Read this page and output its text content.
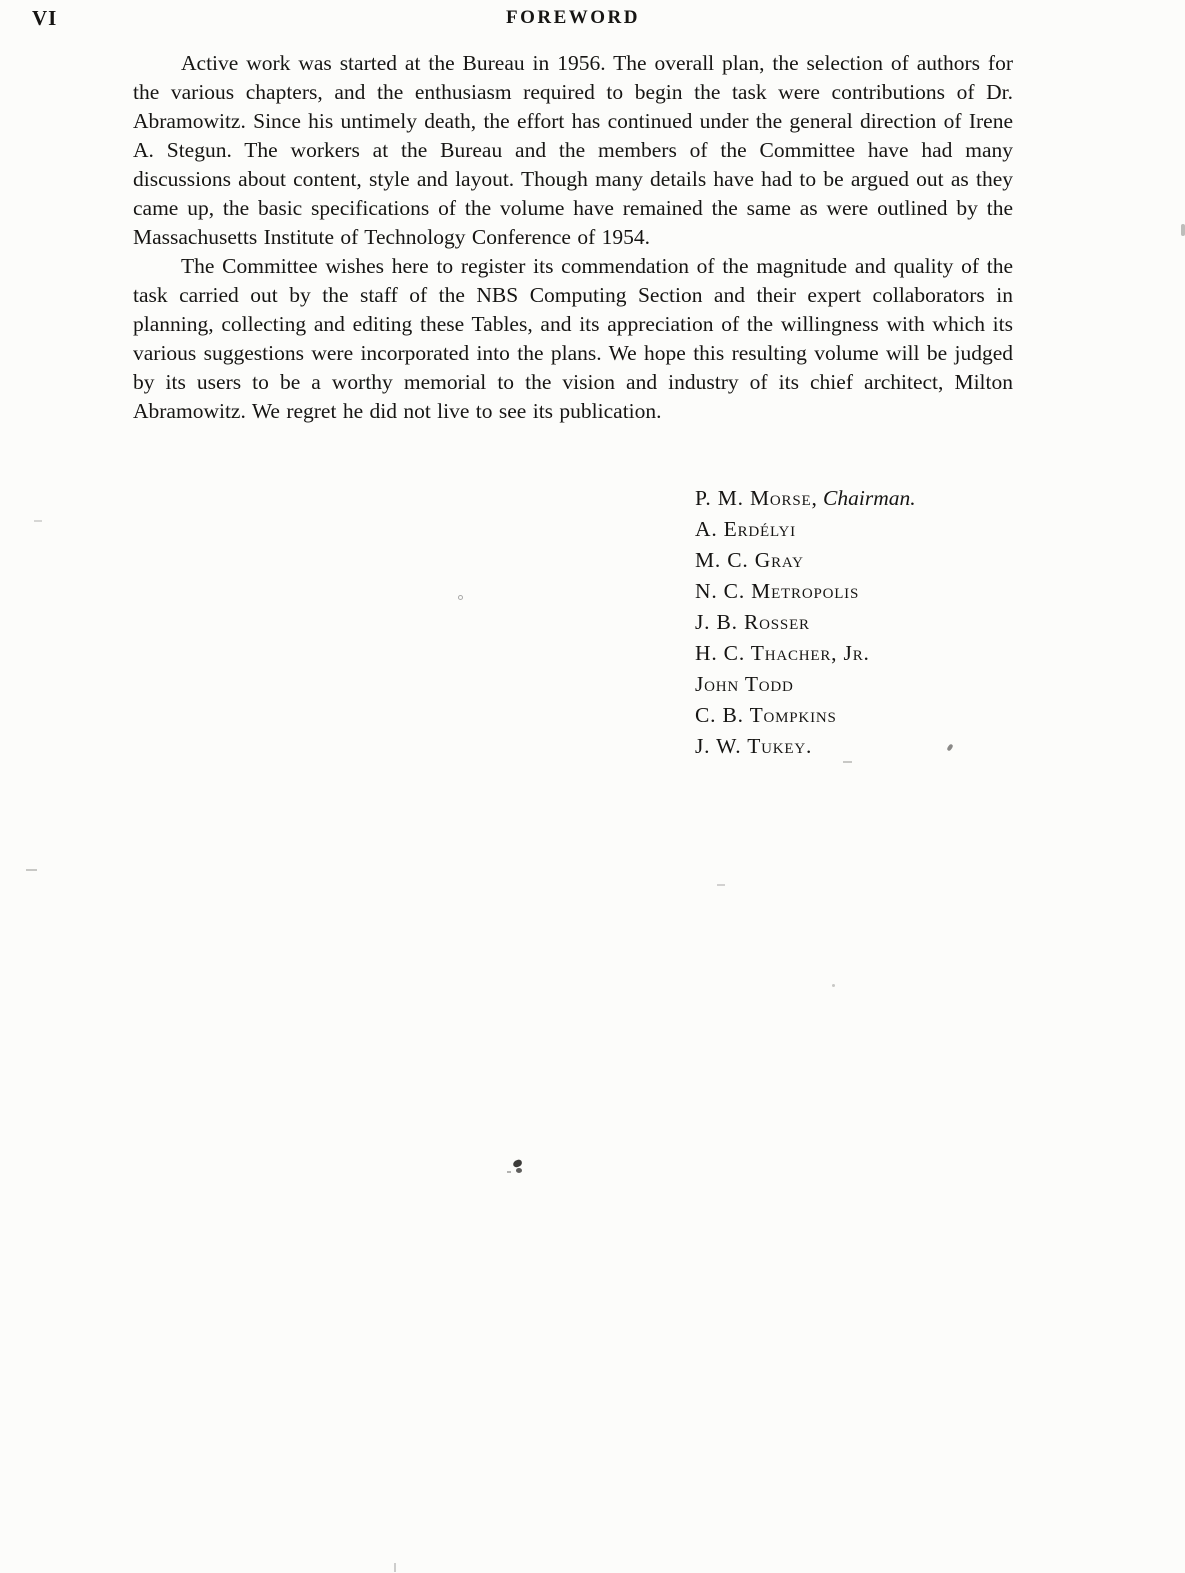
VI	FOREWORD

Active work was started at the Bureau in 1956. The overall plan, the selection of authors for the various chapters, and the enthusiasm required to begin the task were contributions of Dr. Abramowitz. Since his untimely death, the effort has continued under the general direction of Irene A. Stegun. The workers at the Bureau and the members of the Committee have had many discussions about content, style and layout. Though many details have had to be argued out as they came up, the basic specifications of the volume have remained the same as were outlined by the Massachusetts Institute of Technology Conference of 1954.

The Committee wishes here to register its commendation of the magnitude and quality of the task carried out by the staff of the NBS Computing Section and their expert collaborators in planning, collecting and editing these Tables, and its appreciation of the willingness with which its various suggestions were incorporated into the plans. We hope this resulting volume will be judged by its users to be a worthy memorial to the vision and industry of its chief architect, Milton Abramowitz. We regret he did not live to see its publication.

P. M. Morse, Chairman.
A. Erdélyi
M. C. Gray
N. C. Metropolis
J. B. Rosser
H. C. Thacher, Jr.
John Todd
C. B. Tompkins
J. W. Tukey.
